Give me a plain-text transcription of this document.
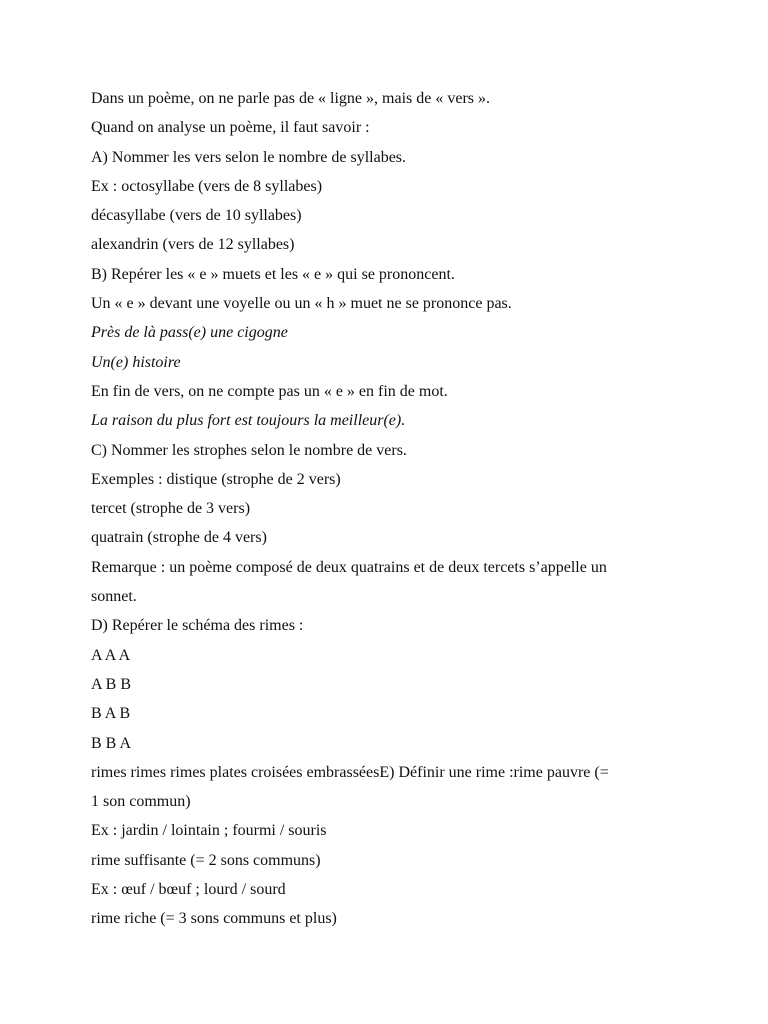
Dans un poème, on ne parle pas de « ligne », mais de « vers ».
Quand on analyse un poème, il faut savoir :
A) Nommer les vers selon le nombre de syllabes.
Ex : octosyllabe (vers de 8 syllabes)
décasyllabe (vers de 10 syllabes)
alexandrin (vers de 12 syllabes)
B) Repérer les « e » muets et les « e » qui se prononcent.
Un « e » devant une voyelle ou un « h » muet ne se prononce pas.
Près de là pass(e) une cigogne
Un(e) histoire
En fin de vers, on ne compte pas un « e » en fin de mot.
La raison du plus fort est toujours la meilleur(e).
C) Nommer les strophes selon le nombre de vers.
Exemples : distique (strophe de 2 vers)
tercet (strophe de 3 vers)
quatrain (strophe de 4 vers)
Remarque : un poème composé de deux quatrains et de deux tercets s’appelle un
sonnet.
D) Repérer le schéma des rimes :
A A A
A B B
B A B
B B A
rimes rimes rimes plates croisées embrasséesE) Définir une rime :rime pauvre (=
1 son commun)
Ex : jardin / lointain ; fourmi / souris
rime suffisante (= 2 sons communs)
Ex : œuf / bœuf ; lourd / sourd
rime riche (= 3 sons communs et plus)
